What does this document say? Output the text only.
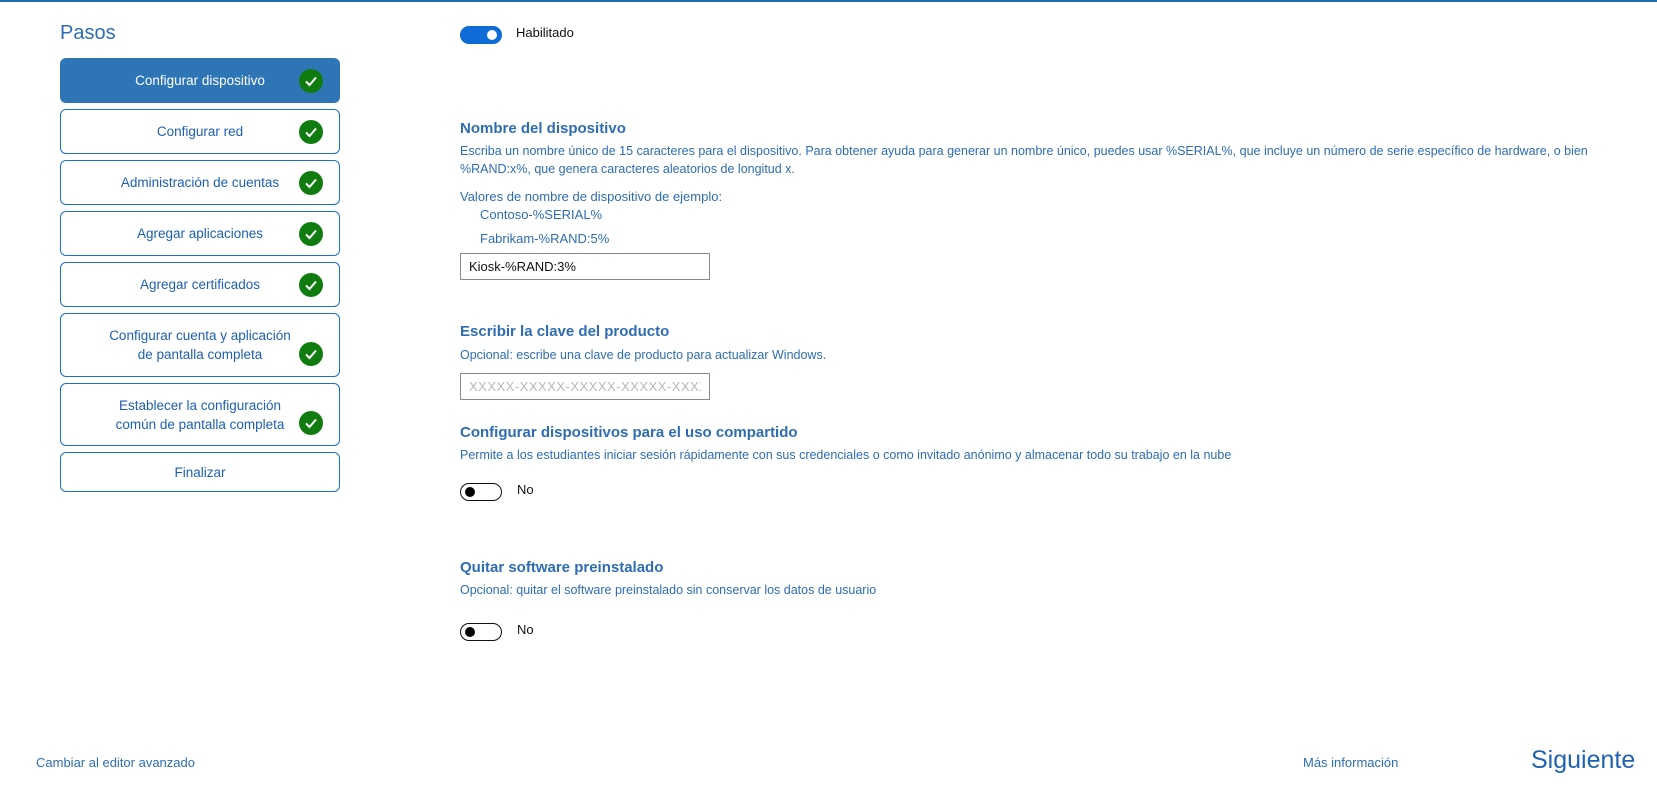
Pasos
Configurar dispositivo
Configurar red
Administración de cuentas
Agregar aplicaciones
Agregar certificados
Configurar cuenta y aplicación de pantalla completa
Establecer la configuración común de pantalla completa
Finalizar
Habilitado
Nombre del dispositivo
Escriba un nombre único de 15 caracteres para el dispositivo. Para obtener ayuda para generar un nombre único, puedes usar %SERIAL%, que incluye un número de serie específico de hardware, o bien %RAND:x%, que genera caracteres aleatorios de longitud x.
Valores de nombre de dispositivo de ejemplo:
Contoso-%SERIAL%
Fabrikam-%RAND:5%
Kiosk-%RAND:3%
Escribir la clave del producto
Opcional: escribe una clave de producto para actualizar Windows.
XXXXX-XXXXX-XXXXX-XXXXX-XXXXX
Configurar dispositivos para el uso compartido
Permite a los estudiantes iniciar sesión rápidamente con sus credenciales o como invitado anónimo y almacenar todo su trabajo en la nube
No
Quitar software preinstalado
Opcional: quitar el software preinstalado sin conservar los datos de usuario
No
Cambiar al editor avanzado	Más información	Siguiente
